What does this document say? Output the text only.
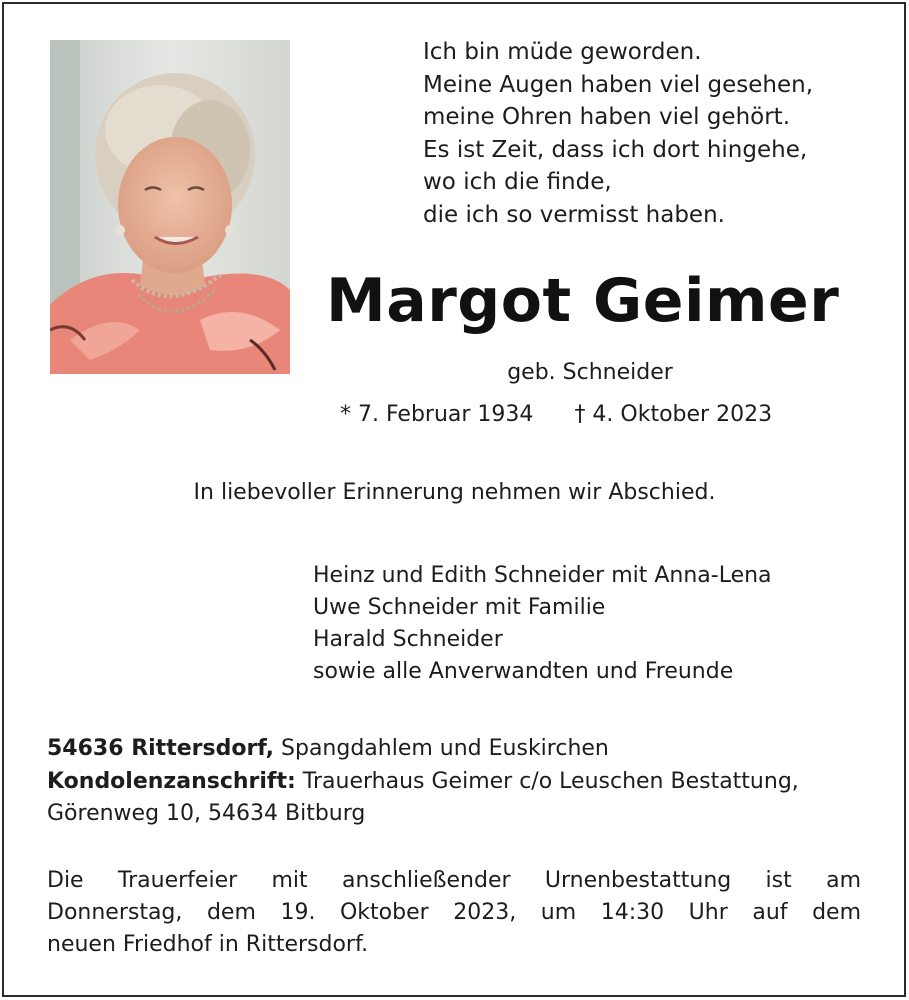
Ich bin müde geworden.
Meine Augen haben viel gesehen,
meine Ohren haben viel gehört.
Es ist Zeit, dass ich dort hingehe,
wo ich die finde,
die ich so vermisst haben.
Margot Geimer
geb. Schneider
* 7. Februar 1934 † 4. Oktober 2023
In liebevoller Erinnerung nehmen wir Abschied.
Heinz und Edith Schneider mit Anna-Lena
Uwe Schneider mit Familie
Harald Schneider
sowie alle Anverwandten und Freunde
54636 Rittersdorf, Spangdahlem und Euskirchen
Kondolenzanschrift: Trauerhaus Geimer c/o Leuschen Bestattung,
Görenweg 10, 54634 Bitburg
Die Trauerfeier mit anschließender Urnenbestattung ist am
Donnerstag, dem 19. Oktober 2023, um 14:30 Uhr auf dem
neuen Friedhof in Rittersdorf.
